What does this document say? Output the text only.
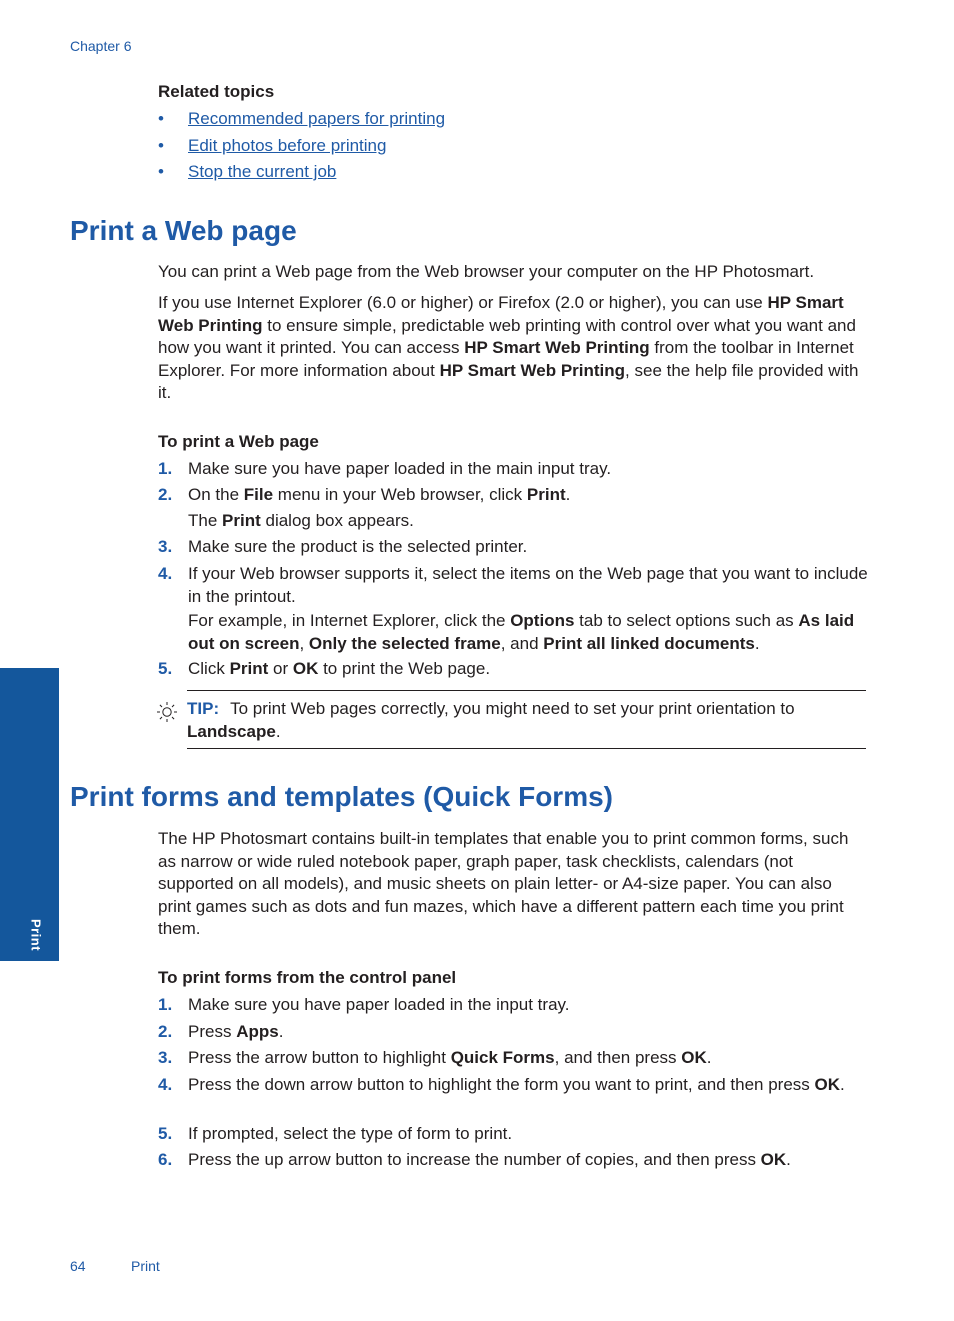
Chapter 6
Print
Related topics
• Recommended papers for printing
• Edit photos before printing
• Stop the current job
Print a Web page

You can print a Web page from the Web browser your computer on the HP Photosmart.

If you use Internet Explorer (6.0 or higher) or Firefox (2.0 or higher), you can use HP Smart Web Printing to ensure simple, predictable web printing with control over what you want and how you want it printed. You can access HP Smart Web Printing from the toolbar in Internet Explorer. For more information about HP Smart Web Printing, see the help file provided with it.

To print a Web page
1. Make sure you have paper loaded in the main input tray.
2. On the File menu in your Web browser, click Print.
The Print dialog box appears.
3. Make sure the product is the selected printer.
4. If your Web browser supports it, select the items on the Web page that you want to include in the printout.
For example, in Internet Explorer, click the Options tab to select options such as As laid out on screen, Only the selected frame, and Print all linked documents.
5. Click Print or OK to print the Web page.
TIP: To print Web pages correctly, you might need to set your print orientation to Landscape.
Print forms and templates (Quick Forms)

The HP Photosmart contains built-in templates that enable you to print common forms, such as narrow or wide ruled notebook paper, graph paper, task checklists, calendars (not supported on all models), and music sheets on plain letter- or A4-size paper. You can also print games such as dots and fun mazes, which have a different pattern each time you print them.

To print forms from the control panel
1. Make sure you have paper loaded in the input tray.
2. Press Apps.
3. Press the arrow button to highlight Quick Forms, and then press OK.
4. Press the down arrow button to highlight the form you want to print, and then press OK.
5. If prompted, select the type of form to print.
6. Press the up arrow button to increase the number of copies, and then press OK.
64	Print
